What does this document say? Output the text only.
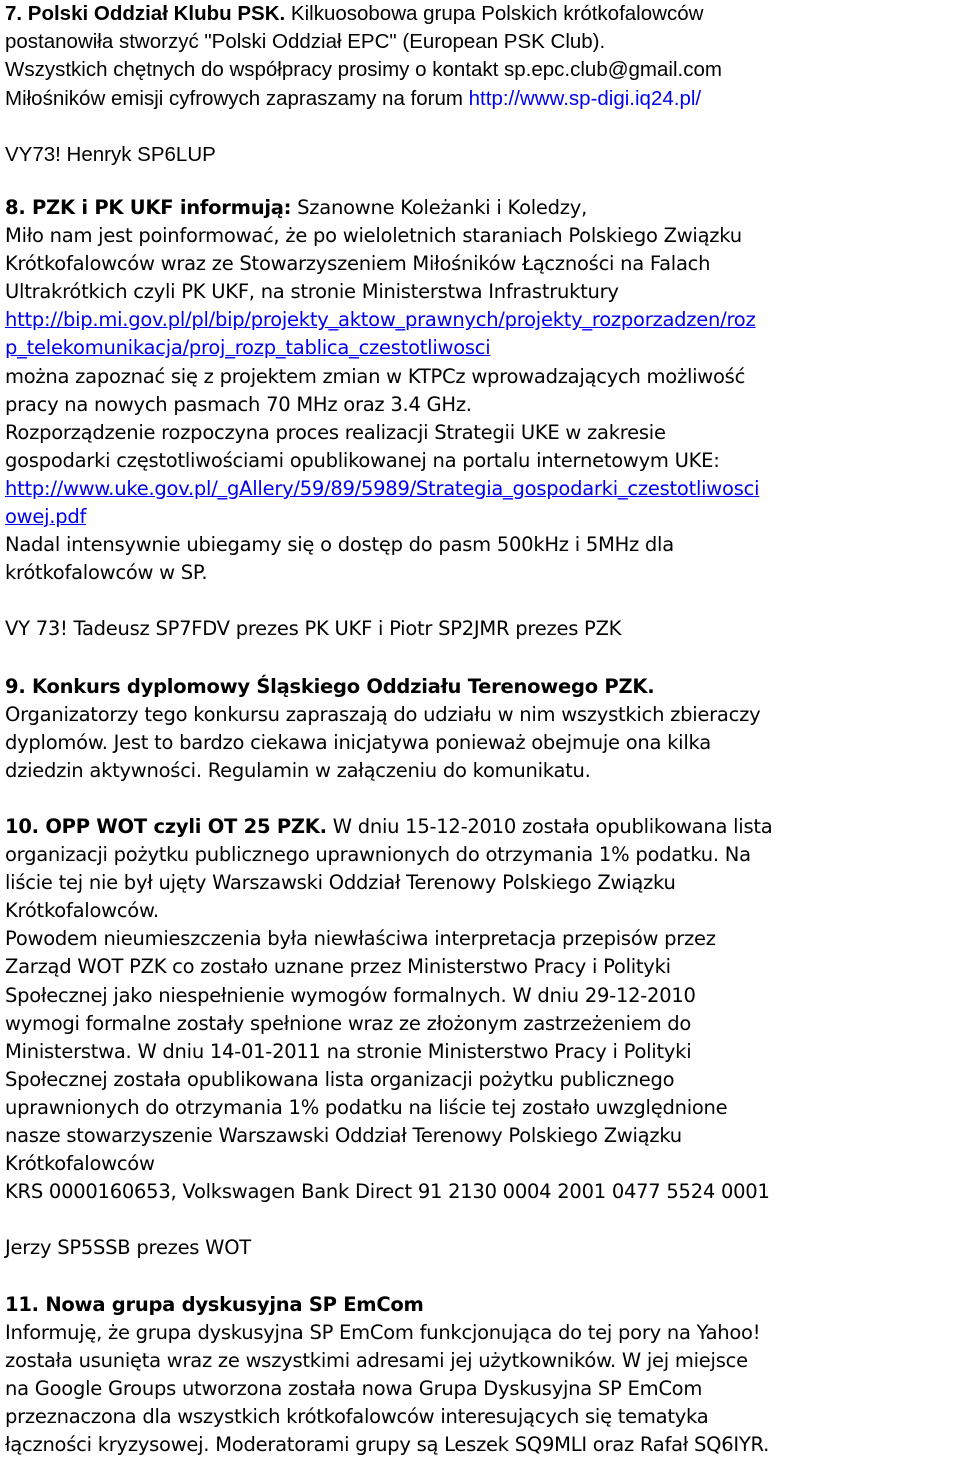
7. Polski Oddział Klubu PSK. Kilkuosobowa grupa Polskich krótkofalowców
postanowiła stworzyć "Polski Oddział EPC" (European PSK Club).
Wszystkich chętnych do współpracy prosimy o kontakt sp.epc.club@gmail.com
Miłośników emisji cyfrowych zapraszamy na forum http://www.sp-digi.iq24.pl/
VY73! Henryk SP6LUP
8. PZK i PK UKF informują: Szanowne Koleżanki i Koledzy,
Miło nam jest poinformować, że po wieloletnich staraniach Polskiego Związku
Krótkofalowców wraz ze Stowarzyszeniem Miłośników Łączności na Falach
Ultrakrótkich czyli PK UKF, na stronie Ministerstwa Infrastruktury
http://bip.mi.gov.pl/pl/bip/projekty_aktow_prawnych/projekty_rozporzadzen/roz
p_telekomunikacja/proj_rozp_tablica_czestotliwosci
można zapoznać się z projektem zmian w KTPCz wprowadzających możliwość
pracy na nowych pasmach 70 MHz oraz 3.4 GHz.
Rozporządzenie rozpoczyna proces realizacji Strategii UKE w zakresie
gospodarki częstotliwościami opublikowanej na portalu internetowym UKE:
http://www.uke.gov.pl/_gAllery/59/89/5989/Strategia_gospodarki_czestotliwosci
owej.pdf
Nadal intensywnie ubiegamy się o dostęp do pasm 500kHz i 5MHz dla
krótkofalowców w SP.
VY 73! Tadeusz SP7FDV prezes PK UKF i Piotr SP2JMR prezes PZK
9. Konkurs dyplomowy Śląskiego Oddziału Terenowego PZK.
Organizatorzy tego konkursu zapraszają do udziału w nim wszystkich zbieraczy
dyplomów. Jest to bardzo ciekawa inicjatywa ponieważ obejmuje ona kilka
dziedzin aktywności. Regulamin w załączeniu do komunikatu.
10. OPP WOT czyli OT 25 PZK. W dniu 15-12-2010 została opublikowana lista
organizacji pożytku publicznego uprawnionych do otrzymania 1% podatku. Na
liście tej nie był ujęty Warszawski Oddział Terenowy Polskiego Związku
Krótkofalowców.
Powodem nieumieszczenia była niewłaściwa interpretacja przepisów przez
Zarząd WOT PZK co zostało uznane przez Ministerstwo Pracy i Polityki
Społecznej jako niespełnienie wymogów formalnych. W dniu 29-12-2010
wymogi formalne zostały spełnione wraz ze złożonym zastrzeżeniem do
Ministerstwa. W dniu 14-01-2011 na stronie Ministerstwo Pracy i Polityki
Społecznej została opublikowana lista organizacji pożytku publicznego
uprawnionych do otrzymania 1% podatku na liście tej zostało uwzględnione
nasze stowarzyszenie Warszawski Oddział Terenowy Polskiego Związku
Krótkofalowców
KRS 0000160653, Volkswagen Bank Direct 91 2130 0004 2001 0477 5524 0001
Jerzy SP5SSB prezes WOT
11. Nowa grupa dyskusyjna SP EmCom
Informuję, że grupa dyskusyjna SP EmCom funkcjonująca do tej pory na Yahoo!
została usunięta wraz ze wszystkimi adresami jej użytkowników. W jej miejsce
na Google Groups utworzona została nowa Grupa Dyskusyjna SP EmCom
przeznaczona dla wszystkich krótkofalowców interesujących się tematyka
łączności kryzysowej. Moderatorami grupy są Leszek SQ9MLI oraz Rafał SQ6IYR.
